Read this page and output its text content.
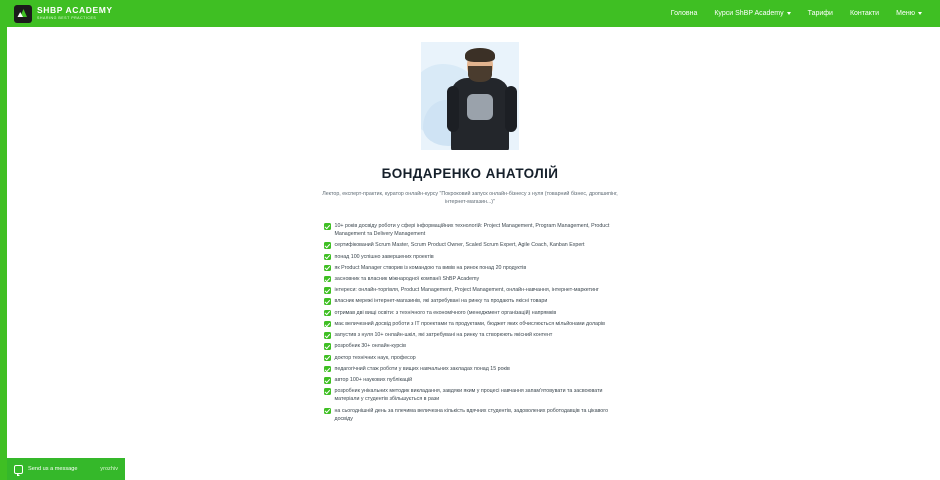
SHBP ACADEMY
SHARING BEST PRACTICES
Головна Курси ShBP Academy	Тарифи Контакти Меню
БОНДАРЕНКО АНАТОЛІЙ
Лектор, експерт-практик, куратор онлайн-курсу "Покроковий запуск онлайн-бізнесу з нуля (товарний бізнес, дропшипінг, інтернет-магазин...)"
10+ років досвіду роботи у сфері інформаційних технологій: Project Management, Program Management, Product Management та Delivery Management
сертифікований Scrum Master, Scrum Product Owner, Scaled Scrum Expert, Agile Coach, Kanban Expert
понад 100 успішно завершених проектів
як Product Manager створив із командою та вивів на ринок понад 20 продуктів
засновник та власник міжнародної компанії ShBP Academy
інтереси: онлайн-торгівля, Product Management, Project Management, онлайн-навчання, інтернет-маркетинг
власник мережі інтернет-магазинів, які затребувані на ринку та продають якісні товари
отримав дві вищі освіти: з технічного та економічного (менеджмент організацій) напрямків
має величезний досвід роботи з ІТ проектами та продуктами, бюджет яких обчислюється мільйонами доларів
запустив з нуля 10+ онлайн-шкіл, які затребувані на ринку та створюють якісний контент
розробник 30+ онлайн-курсів
доктор технічних наук, професор
педагогічний стаж роботи у вищих навчальних закладах понад 15 років
автор 100+ наукових публікацій
розробник унікальних методик викладання, завдяки яким у процесі навчання запам'ятовувати та засвоювати матеріали у студентів збільшується в рази
на сьогоднішній день за плечима величезна кількість вдячних студентів, задоволених роботодавців та цікавого досвіду
Send us a message	yrozhiv
